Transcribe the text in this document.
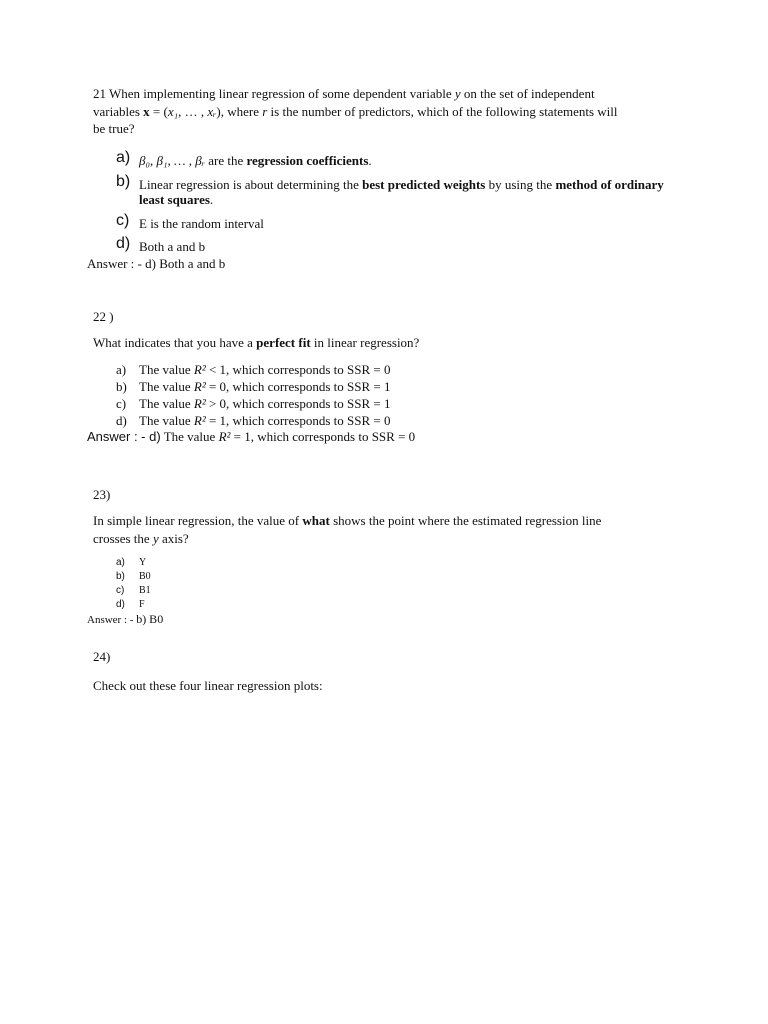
21 When implementing linear regression of some dependent variable y on the set of independent
variables x = (x₁, … , xᵣ), where r is the number of predictors, which of the following statements will
be true?
a) β₀, β₁, … , βᵣ are the regression coefficients.
b) Linear regression is about determining the best predicted weights by using the method of ordinary least squares.
c) E is the random interval
d) Both a and b
Answer : - d) Both a and b
22 )
What indicates that you have a perfect fit in linear regression?
a) The value R² < 1, which corresponds to SSR = 0
b) The value R² = 0, which corresponds to SSR = 1
c) The value R² > 0, which corresponds to SSR = 1
d) The value R² = 1, which corresponds to SSR = 0
Answer : - d) The value R² = 1, which corresponds to SSR = 0
23)
In simple linear regression, the value of what shows the point where the estimated regression line
crosses the y axis?
a) Y
b) B0
c) B1
d) F
Answer : - b) B0
24)
Check out these four linear regression plots:
